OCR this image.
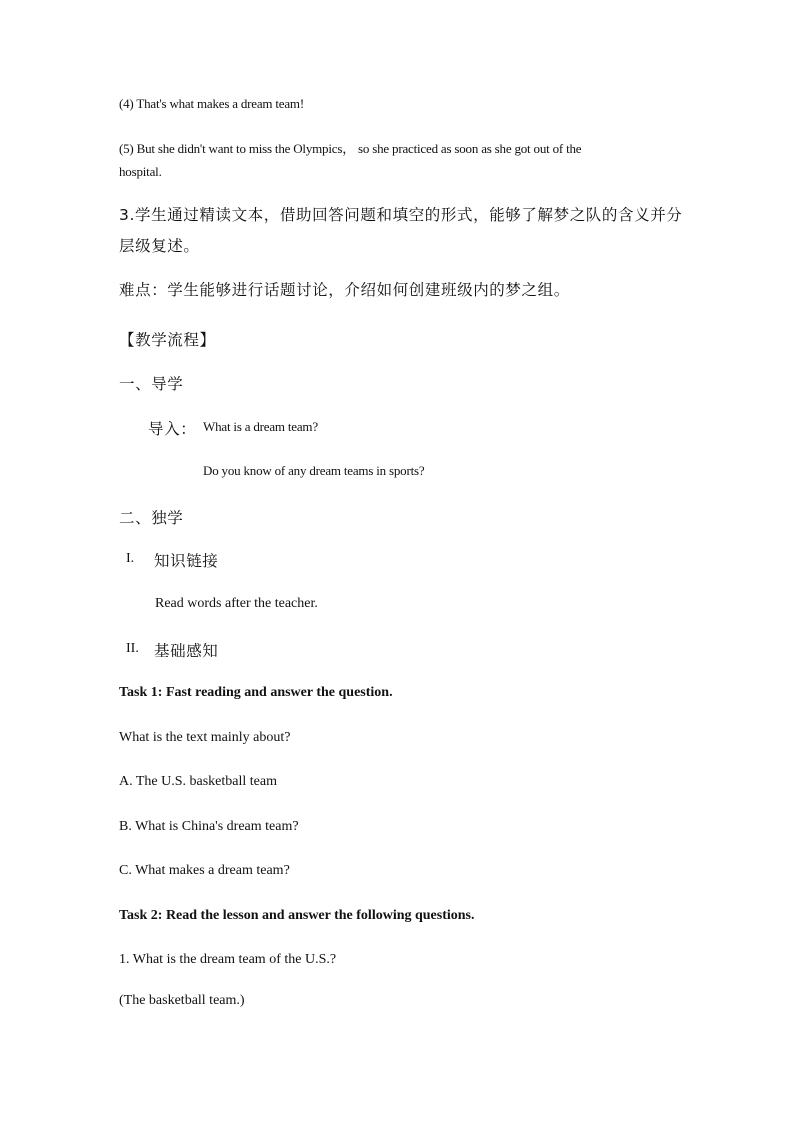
(4) That's what makes a dream team!
(5) But she didn't want to miss the Olympics， so she practiced as soon as she got out of the
hospital.
3.学生通过精读文本，借助回答问题和填空的形式，能够了解梦之队的含义并分
层级复述。
难点：学生能够进行话题讨论，介绍如何创建班级内的梦之组。
【教学流程】
一、导学
导入： What is a dream team?
Do you know of any dream teams in sports?
二、独学
I. 知识链接
Read words after the teacher.
II. 基础感知
Task 1: Fast reading and answer the question.
What is the text mainly about?
A. The U.S. basketball team
B. What is China's dream team?
C. What makes a dream team?
Task 2: Read the lesson and answer the following questions.
1. What is the dream team of the U.S.?
(The basketball team.)
